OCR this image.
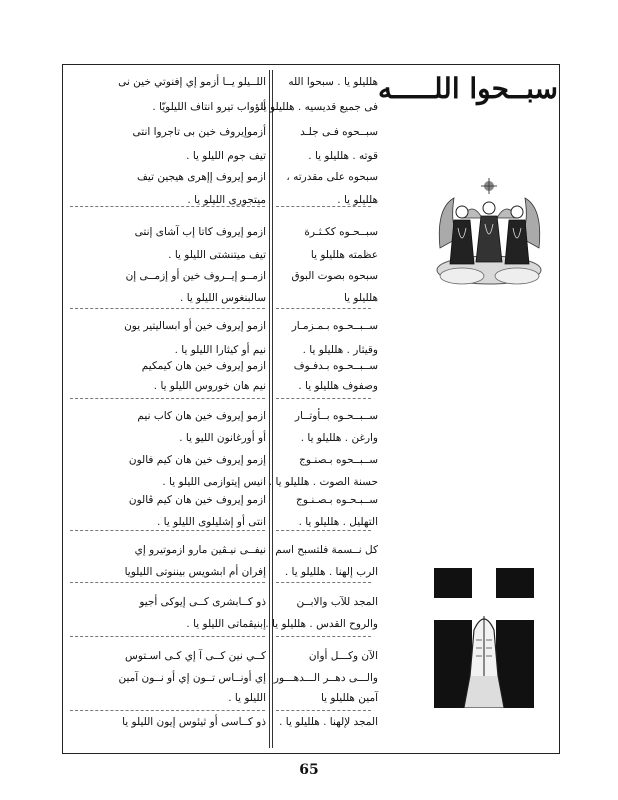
سبــحوا اللـــــه
اللــيلو يــا أزمو إي إفنوتي خين نى
أثؤواب تيرو انتاف الليلويّا .
أزموإيروف خين بى تاجروا انتى
تيف جوم الليلو يا .
ازمو إيروف إإهرى هيجين تيف
ميتجورى الليلو يا .
ازمو إيروف كاتا إب آشاى إنتى
تيف ميتنشتى الليلو يا .
ازمــو إيــروف خين أو إزمــى إن
سالبنغوس الليلو يا .
ازمو إيروف خين أو ابساليتير يون
نيم أو كيثارا الليلو يا .
ازمو إيروف خين هان كيمكيم
نيم هان خوروس الليلو يا .
ازمو إيروف خين هان كاب نيم
أو أورغانون الليو يا .
إزمو إيروف خين هان كيم فالون
انيس إيتوازمى الليلو يا .
ازمو إيروف خين هان كيم ڤالون
انتى أو إشليلوى الليلو يا .
نيفــى نيـڤين مارو ازموتيرو إي
إفران أم ابشويس بيننوتى الليلويا
ذو كــابشرى كــى إيوكى أجيو
إبنيڤماتى الليلو يا .
كــي نين كــى آ إي كـى اسـتوس
إي أونــاس تــون إي أو نــون آمين
الليلو يا .
ذو كــاسى أو ثيئوس إيون الليلو يا
هلليلو يا . سبحوا الله
فى جميع قديسيه . هلليلو يا
سبــحوه فـى جلـد
قوته . هلليلو يا .
سبحوه على مقدرته ،
هلليلو يا .
سبــحـوه ككـثـرة
عظمته هلليلو يا
سبحوه بصوت البوق
هلليلو يا
ســبــحـوه بـمـزمـار
وقيثار . هلليلو يا .
ســبــحـوه بـدفـوف
وصفوف هلليلو يا .
ســبــحـوه بــأوتــار
وارغن . هلليلو يا .
ســبــحوه بـصنـوج
حسنة الصوت . هلليلو يا .
ســبـحـوه بـصـنـوج
التهليل . هلليلو يا .
كل نــسمة فلتسبح اسم
الرب إلهنا . هلليلو يا .
المجد للآب والابــن
والروح القدس . هلليلو يا .
الآن وكـــل أوان
والـــى دهــر الـــدهـــور
آمين هلليلو يا
المجد لإلهنا . هلليلو يا .
65
